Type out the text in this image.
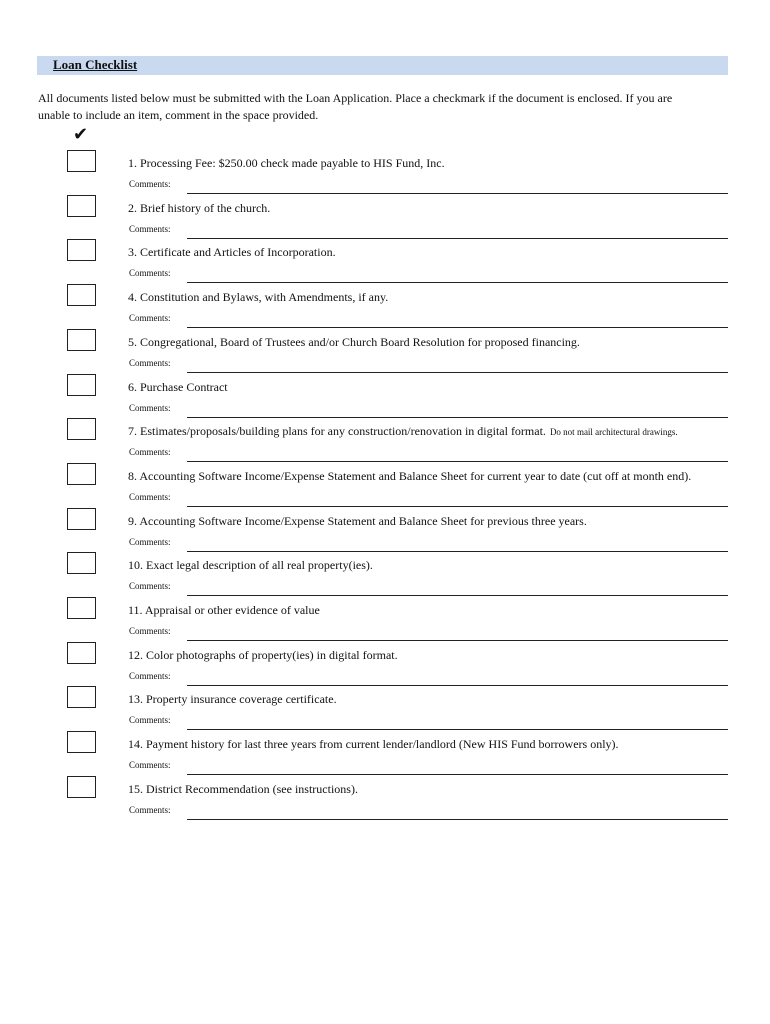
Loan Checklist
All documents listed below must be submitted with the Loan Application. Place a checkmark if the document is enclosed. If you are unable to include an item, comment in the space provided.
✔
1. Processing Fee: $250.00 check made payable to HIS Fund, Inc.
Comments:
2. Brief history of the church.
Comments:
3. Certificate and Articles of Incorporation.
Comments:
4. Constitution and Bylaws, with Amendments, if any.
Comments:
5. Congregational, Board of Trustees and/or Church Board Resolution for proposed financing.
Comments:
6. Purchase Contract
Comments:
7. Estimates/proposals/building plans for any construction/renovation in digital format. Do not mail architectural drawings.
Comments:
8. Accounting Software Income/Expense Statement and Balance Sheet for current year to date (cut off at month end).
Comments:
9. Accounting Software Income/Expense Statement and Balance Sheet for previous three years.
Comments:
10. Exact legal description of all real property(ies).
Comments:
11. Appraisal or other evidence of value
Comments:
12. Color photographs of property(ies) in digital format.
Comments:
13. Property insurance coverage certificate.
Comments:
14. Payment history for last three years from current lender/landlord (New HIS Fund borrowers only).
Comments:
15. District Recommendation (see instructions).
Comments:
